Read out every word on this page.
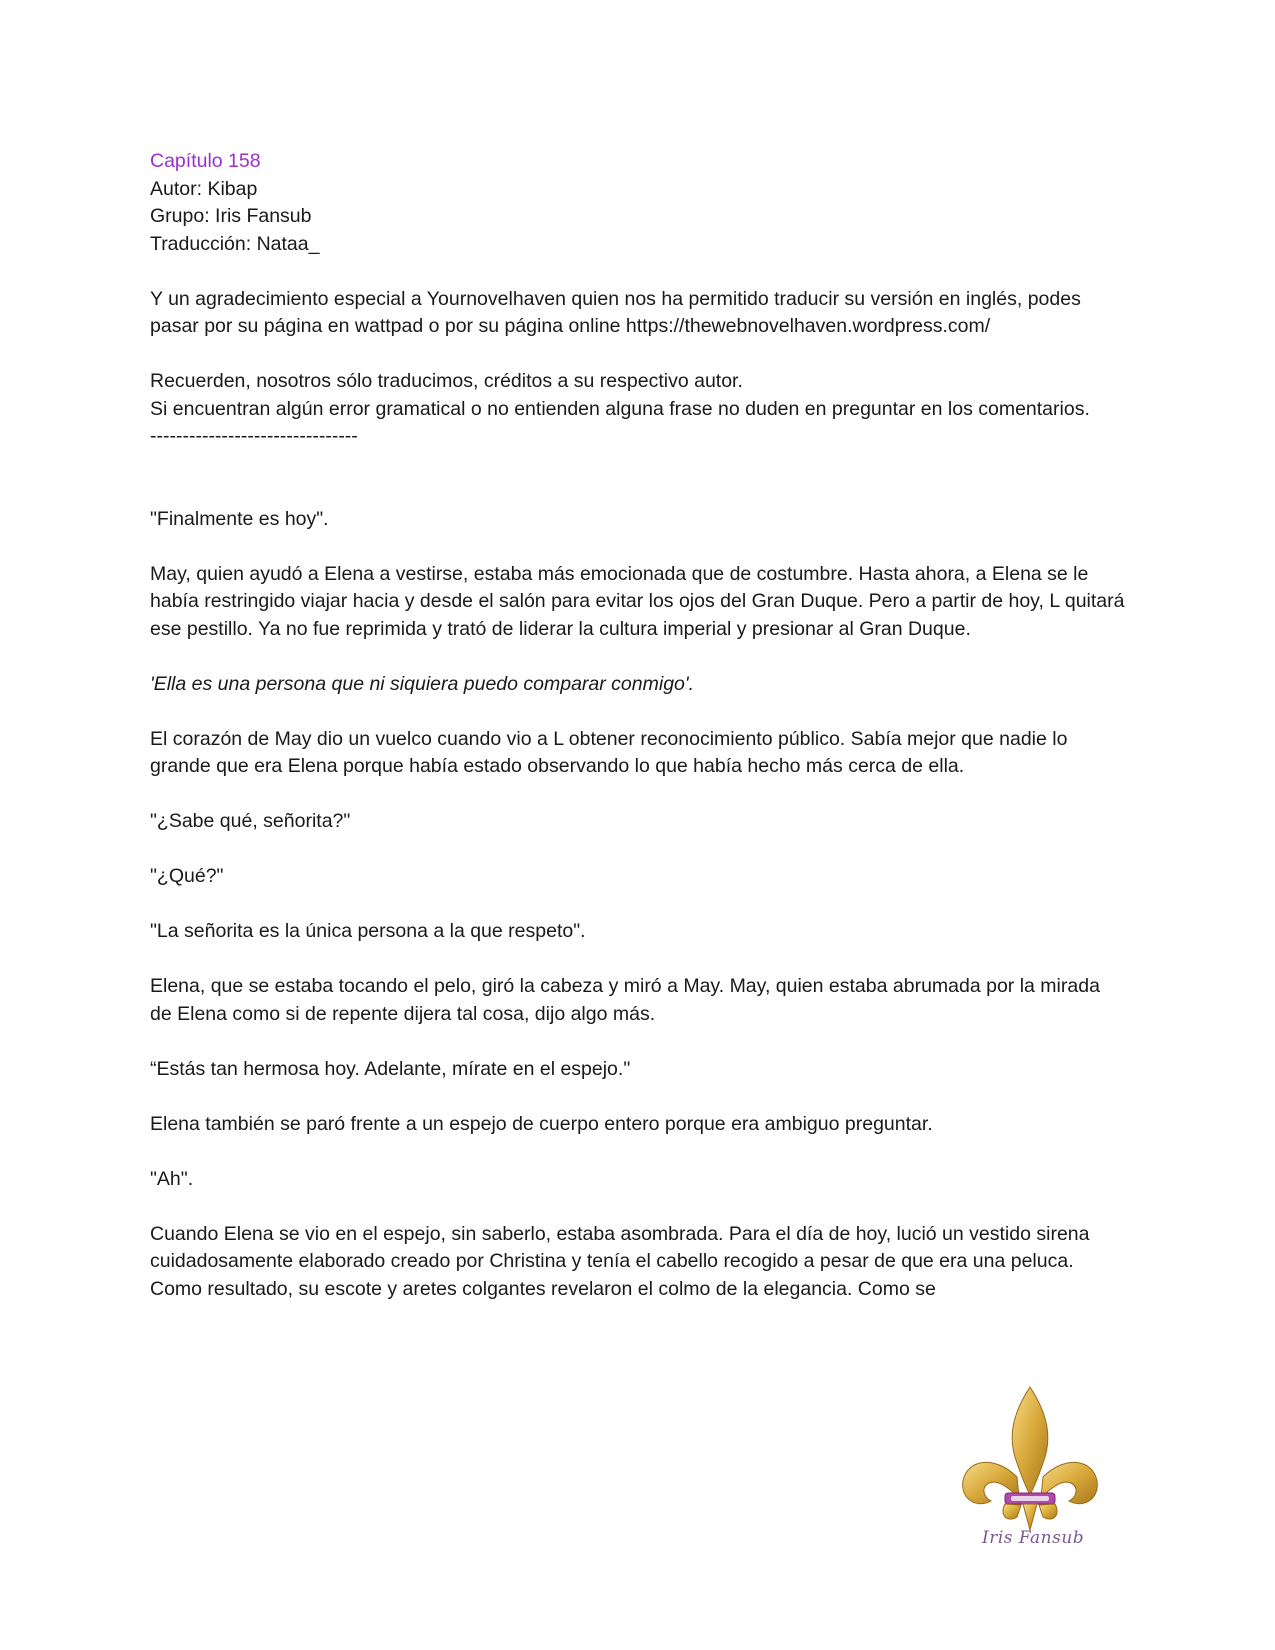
Capítulo 158

Autor: Kibap

Grupo: Iris Fansub

Traducción: Nataa_

Y un agradecimiento especial a Yournovelhaven quien nos ha permitido traducir su versión en inglés, podes pasar por su página en wattpad o por su página online https://thewebnovelhaven.wordpress.com/

Recuerden, nosotros sólo traducimos, créditos a su respectivo autor.

Si encuentran algún error gramatical o no entienden alguna frase no duden en preguntar en los comentarios.

--------------------------------

"Finalmente es hoy".

May, quien ayudó a Elena a vestirse, estaba más emocionada que de costumbre. Hasta ahora, a Elena se le había restringido viajar hacia y desde el salón para evitar los ojos del Gran Duque. Pero a partir de hoy, L quitará ese pestillo. Ya no fue reprimida y trató de liderar la cultura imperial y presionar al Gran Duque.

'Ella es una persona que ni siquiera puedo comparar conmigo'.

El corazón de May dio un vuelco cuando vio a L obtener reconocimiento público. Sabía mejor que nadie lo grande que era Elena porque había estado observando lo que había hecho más cerca de ella.

"¿Sabe qué, señorita?"

"¿Qué?"

"La señorita es la única persona a la que respeto".

Elena, que se estaba tocando el pelo, giró la cabeza y miró a May. May, quien estaba abrumada por la mirada de Elena como si de repente dijera tal cosa, dijo algo más.

“Estás tan hermosa hoy. Adelante, mírate en el espejo."

Elena también se paró frente a un espejo de cuerpo entero porque era ambiguo preguntar.

"Ah".

Cuando Elena se vio en el espejo, sin saberlo, estaba asombrada. Para el día de hoy, lució un vestido sirena cuidadosamente elaborado creado por Christina y tenía el cabello recogido a pesar de que era una peluca. Como resultado, su escote y aretes colgantes revelaron el colmo de la elegancia. Como se

Iris Fansub
